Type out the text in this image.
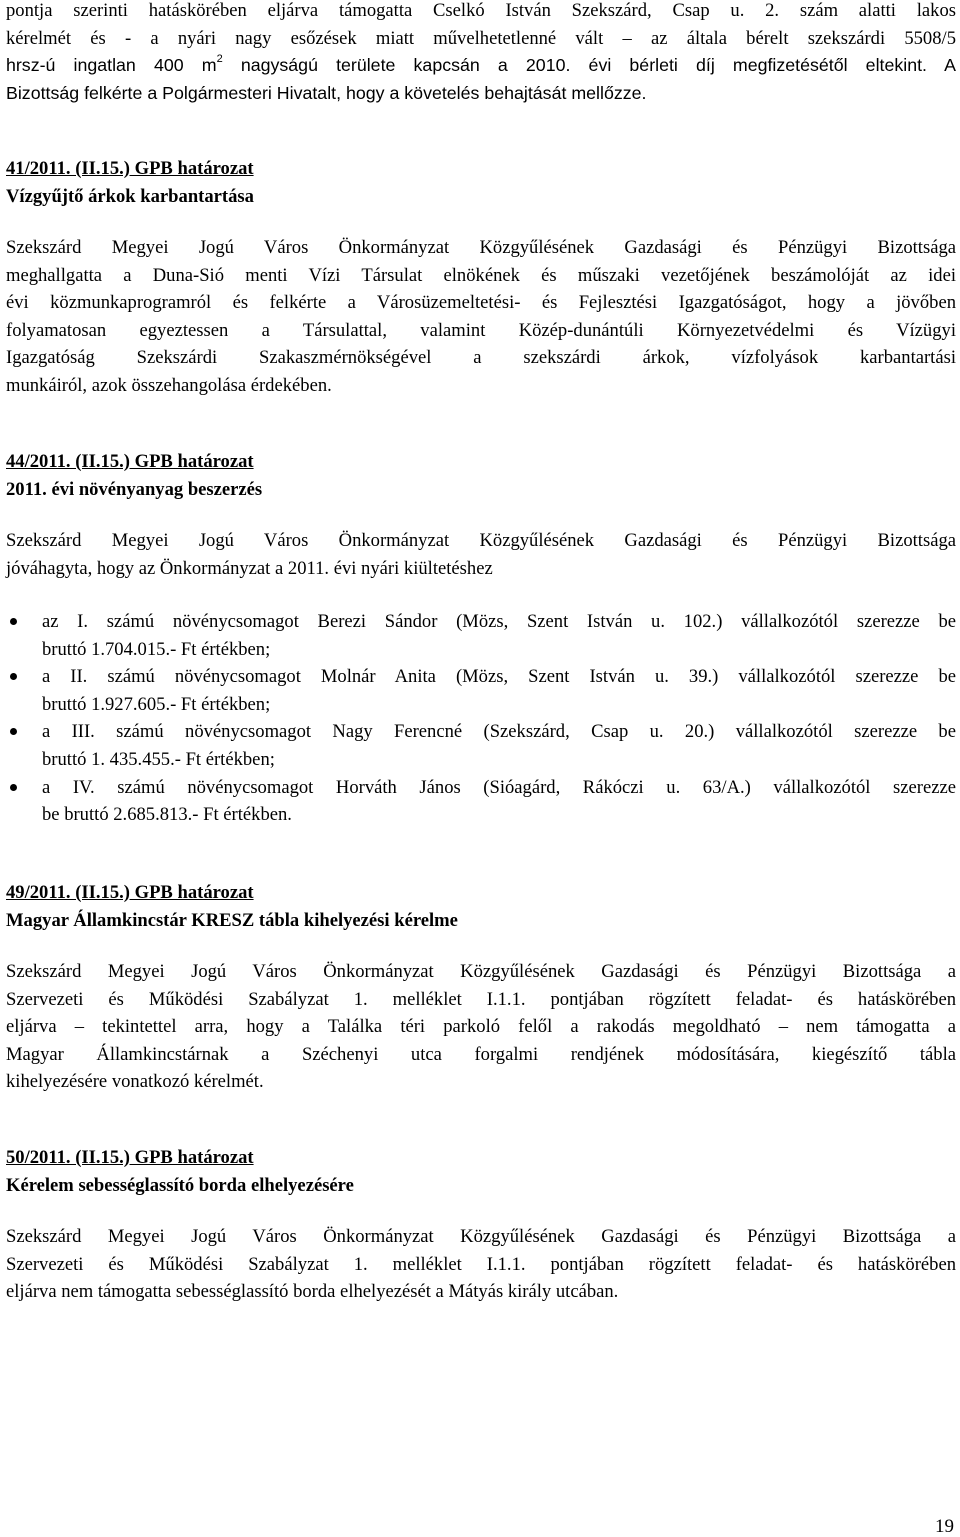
pontja szerinti hatáskörében eljárva támogatta Cselkó István Szekszárd, Csap u. 2. szám alatti lakos
kérelmét és - a nyári nagy esőzések miatt művelhetetlenné vált – az általa bérelt szekszárdi 5508/5
hrsz-ú ingatlan 400 $m^2$ nagyságú területe kapcsán a 2010. évi bérleti díj megfizetésétől eltekint. A
Bizottság felkérte a Polgármesteri Hivatalt, hogy a követelés behajtását mellőzze.
41/2011. (II.15.) GPB határozat
Vízgyűjtő árkok karbantartása
Szekszárd Megyei Jogú Város Önkormányzat Közgyűlésének Gazdasági és Pénzügyi Bizottsága
meghallgatta a Duna-Sió menti Vízi Társulat elnökének és műszaki vezetőjének beszámolóját az idei
évi közmunkaprogramról és felkérte a Városüzemeltetési- és Fejlesztési Igazgatóságot, hogy a jövőben
folyamatosan egyeztessen a Társulattal, valamint Közép-dunántúli Környezetvédelmi és Vízügyi
Igazgatóság Szekszárdi Szakaszmérnökségével a szekszárdi árkok, vízfolyások karbantartási
munkáiról, azok összehangolása érdekében.
44/2011. (II.15.) GPB határozat
2011. évi növényanyag beszerzés
Szekszárd Megyei Jogú Város Önkormányzat Közgyűlésének Gazdasági és Pénzügyi Bizottsága
jóváhagyta, hogy az Önkormányzat a 2011. évi nyári kiültetéshez
az I. számú növénycsomagot Berezi Sándor (Mözs, Szent István u. 102.) vállalkozótól szerezze be
bruttó 1.704.015.- Ft értékben;
a II. számú növénycsomagot Molnár Anita (Mözs, Szent István u. 39.) vállalkozótól szerezze be
bruttó 1.927.605.- Ft értékben;
a III. számú növénycsomagot Nagy Ferencné (Szekszárd, Csap u. 20.) vállalkozótól szerezze be
bruttó 1. 435.455.- Ft értékben;
a IV. számú növénycsomagot Horváth János (Sióagárd, Rákóczi u. 63/A.) vállalkozótól szerezze
be bruttó 2.685.813.- Ft értékben.
49/2011. (II.15.) GPB határozat
Magyar Államkincstár KRESZ tábla kihelyezési kérelme
Szekszárd Megyei Jogú Város Önkormányzat Közgyűlésének Gazdasági és Pénzügyi Bizottsága a
Szervezeti és Működési Szabályzat 1. melléklet I.1.1. pontjában rögzített feladat- és hatáskörében
eljárva – tekintettel arra, hogy a Találka téri parkoló felől a rakodás megoldható – nem támogatta a
Magyar Államkincstárnak a Széchenyi utca forgalmi rendjének módosítására, kiegészítő tábla
kihelyezésére vonatkozó kérelmét.
50/2011. (II.15.) GPB határozat
Kérelem sebességlassító borda elhelyezésére
Szekszárd Megyei Jogú Város Önkormányzat Közgyűlésének Gazdasági és Pénzügyi Bizottsága a
Szervezeti és Működési Szabályzat 1. melléklet I.1.1. pontjában rögzített feladat- és hatáskörében
eljárva nem támogatta sebességlassító borda elhelyezését a Mátyás király utcában.
19
